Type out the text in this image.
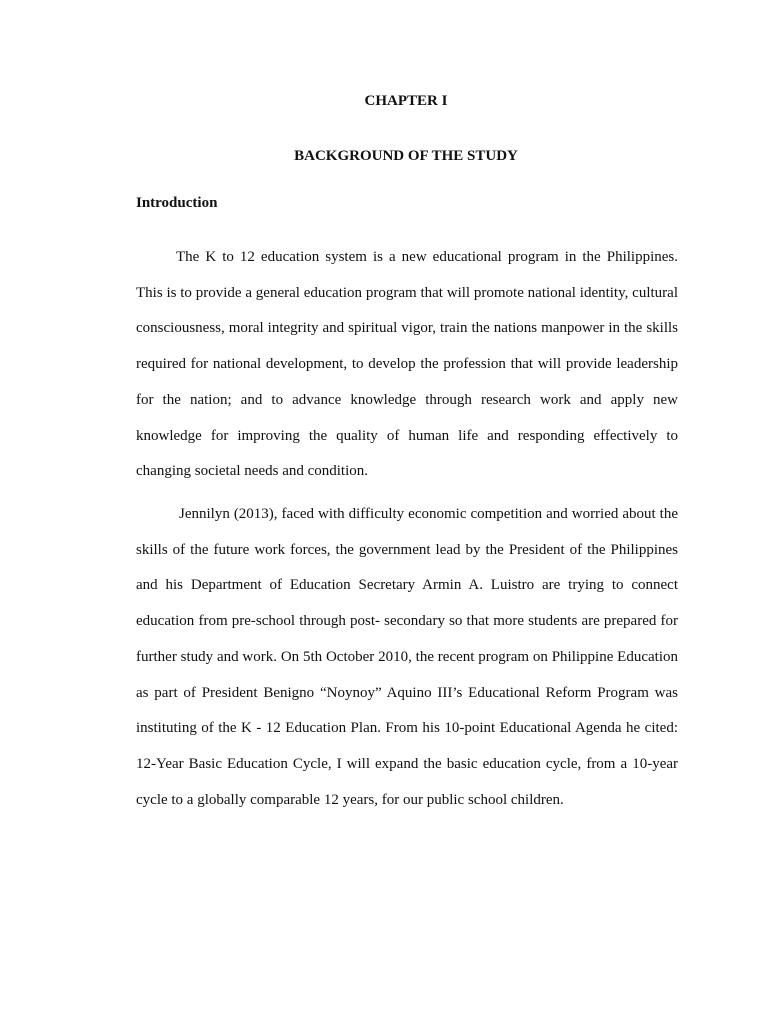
CHAPTER I
BACKGROUND OF THE STUDY
Introduction

The K to 12 education system is a new educational program in the Philippines. This is to provide a general education program that will promote national identity, cultural consciousness, moral integrity and spiritual vigor, train the nations manpower in the skills required for national development, to develop the profession that will provide leadership for the nation; and to advance knowledge through research work and apply new knowledge for improving the quality of human life and responding effectively to changing societal needs and condition.

Jennilyn (2013), faced with difficulty economic competition and worried about the skills of the future work forces, the government lead by the President of the Philippines and his Department of Education Secretary Armin A. Luistro are trying to connect education from pre-school through post- secondary so that more students are prepared for further study and work. On 5th October 2010, the recent program on Philippine Education as part of President Benigno “Noynoy” Aquino III’s Educational Reform Program was instituting of the K - 12 Education Plan. From his 10-point Educational Agenda he cited: 12-Year Basic Education Cycle, I will expand the basic education cycle, from a 10-year cycle to a globally comparable 12 years, for our public school children.
